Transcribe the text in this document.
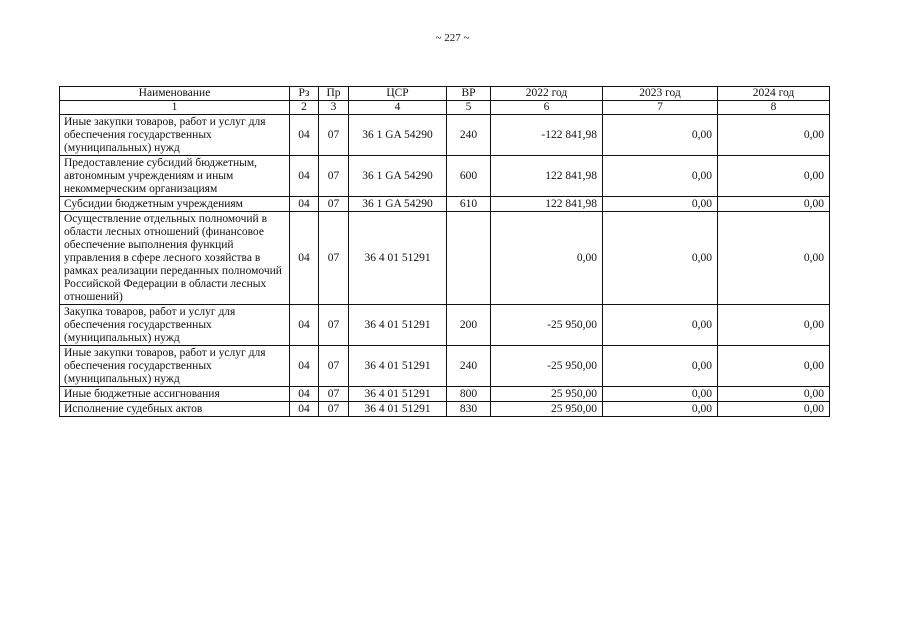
~ 227 ~
Наименование	Рз	Пр	ЦСР	ВР	2022 год	2023 год	2024 год
1	2	3	4	5	6	7	8
Иные закупки товаров, работ и услуг для обеспечения государственных (муниципальных) нужд	04	07	36 1 GA 54290	240	-122 841,98	0,00	0,00
Предоставление субсидий бюджетным, автономным учреждениям и иным некоммерческим организациям	04	07	36 1 GA 54290	600	122 841,98	0,00	0,00
Субсидии бюджетным учреждениям	04	07	36 1 GA 54290	610	122 841,98	0,00	0,00
Осуществление отдельных полномочий в области лесных отношений (финансовое обеспечение выполнения функций управления в сфере лесного хозяйства в рамках реализации переданных полномочий Российской Федерации в области лесных отношений)	04	07	36 4 01 51291		0,00	0,00	0,00
Закупка товаров, работ и услуг для обеспечения государственных (муниципальных) нужд	04	07	36 4 01 51291	200	-25 950,00	0,00	0,00
Иные закупки товаров, работ и услуг для обеспечения государственных (муниципальных) нужд	04	07	36 4 01 51291	240	-25 950,00	0,00	0,00
Иные бюджетные ассигнования	04	07	36 4 01 51291	800	25 950,00	0,00	0,00
Исполнение судебных актов	04	07	36 4 01 51291	830	25 950,00	0,00	0,00
